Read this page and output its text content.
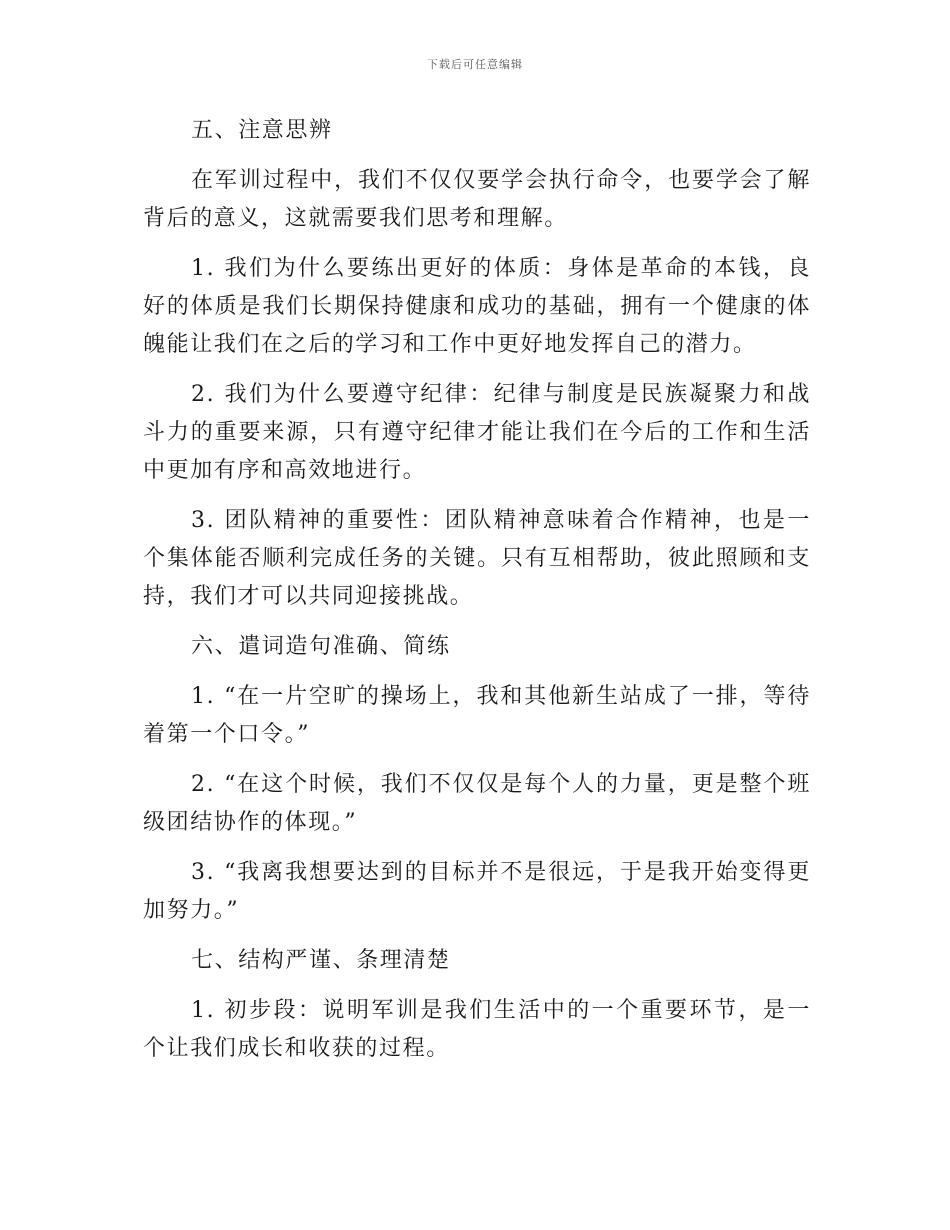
下载后可任意编辑

五、注意思辨

在军训过程中，我们不仅仅要学会执行命令，也要学会了解背后的意义，这就需要我们思考和理解。

1. 我们为什么要练出更好的体质：身体是革命的本钱，良好的体质是我们长期保持健康和成功的基础，拥有一个健康的体魄能让我们在之后的学习和工作中更好地发挥自己的潜力。

2. 我们为什么要遵守纪律：纪律与制度是民族凝聚力和战斗力的重要来源，只有遵守纪律才能让我们在今后的工作和生活中更加有序和高效地进行。

3. 团队精神的重要性：团队精神意味着合作精神，也是一个集体能否顺利完成任务的关键。只有互相帮助，彼此照顾和支持，我们才可以共同迎接挑战。

六、遣词造句准确、简练

1. “在一片空旷的操场上，我和其他新生站成了一排，等待着第一个口令。”

2. “在这个时候，我们不仅仅是每个人的力量，更是整个班级团结协作的体现。”

3. “我离我想要达到的目标并不是很远，于是我开始变得更加努力。”

七、结构严谨、条理清楚

1. 初步段：说明军训是我们生活中的一个重要环节，是一个让我们成长和收获的过程。
